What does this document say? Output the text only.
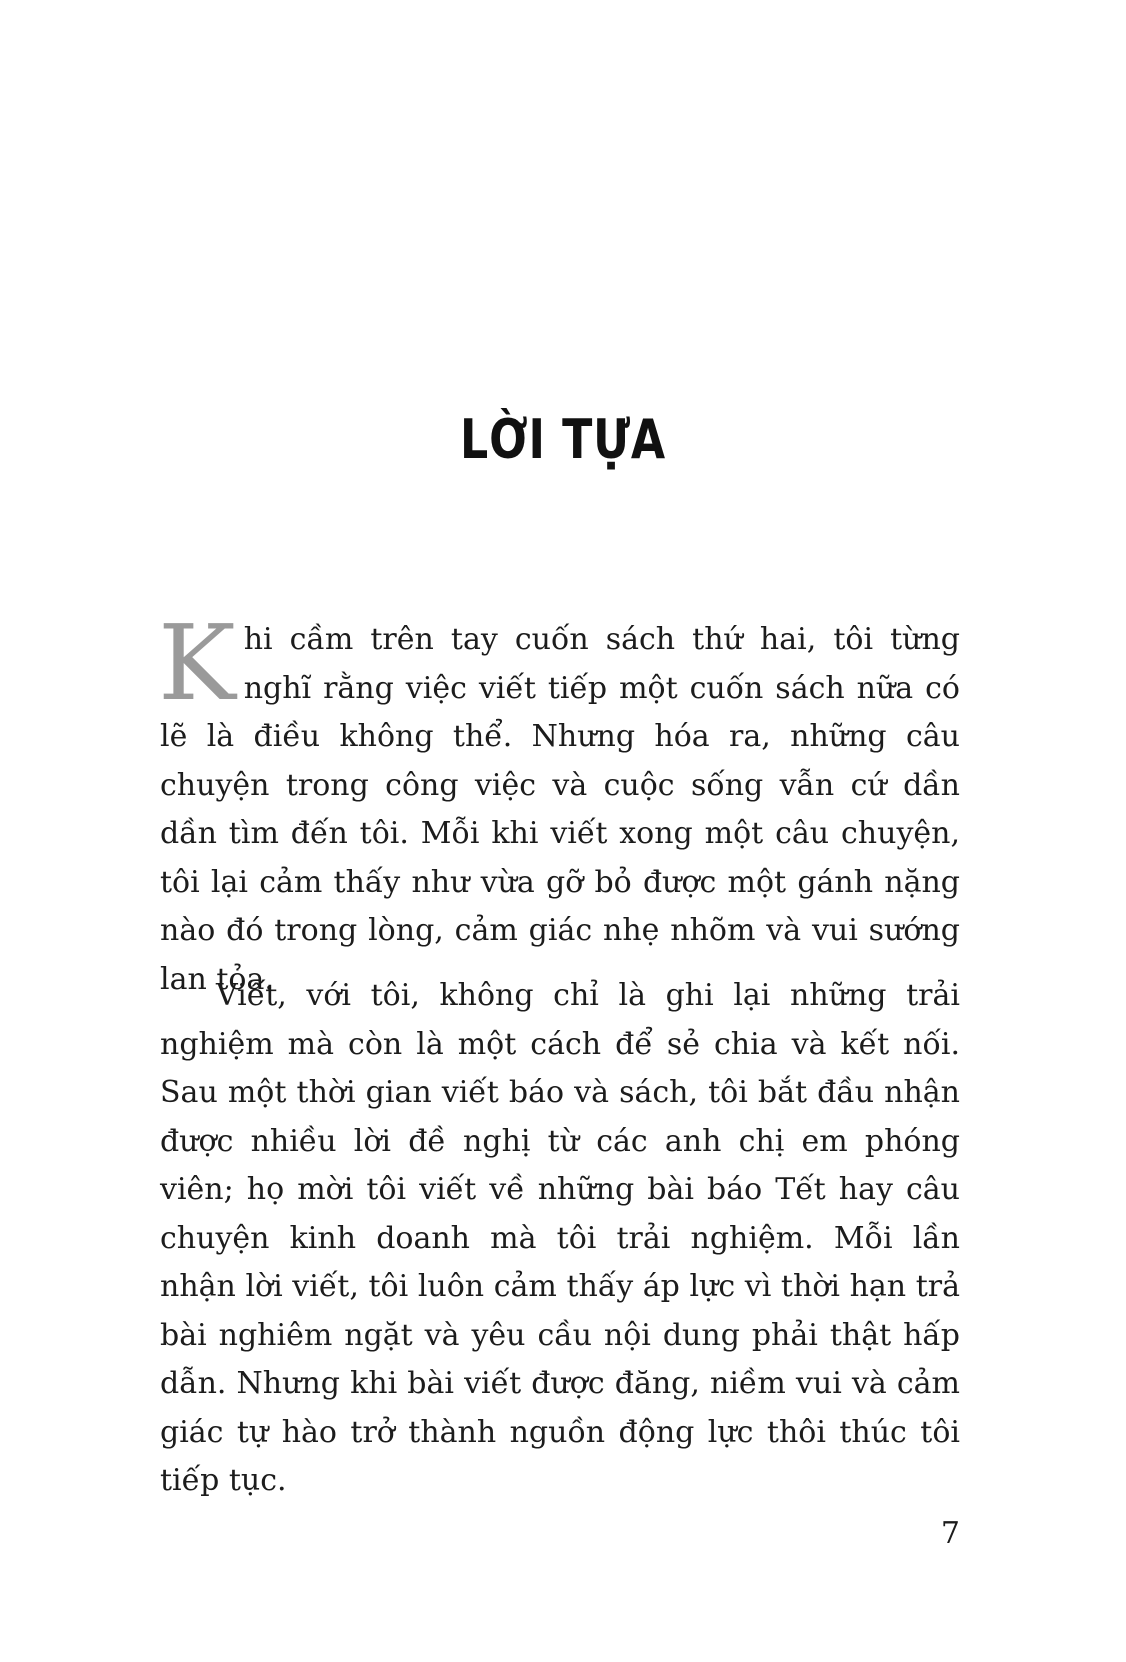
LỜI TỰA

Khi cầm trên tay cuốn sách thứ hai, tôi từng nghĩ rằng việc viết tiếp một cuốn sách nữa có lẽ là điều không thể. Nhưng hóa ra, những câu chuyện trong công việc và cuộc sống vẫn cứ dần dần tìm đến tôi. Mỗi khi viết xong một câu chuyện, tôi lại cảm thấy như vừa gỡ bỏ được một gánh nặng nào đó trong lòng, cảm giác nhẹ nhõm và vui sướng lan tỏa.

Viết, với tôi, không chỉ là ghi lại những trải nghiệm mà còn là một cách để sẻ chia và kết nối. Sau một thời gian viết báo và sách, tôi bắt đầu nhận được nhiều lời đề nghị từ các anh chị em phóng viên; họ mời tôi viết về những bài báo Tết hay câu chuyện kinh doanh mà tôi trải nghiệm. Mỗi lần nhận lời viết, tôi luôn cảm thấy áp lực vì thời hạn trả bài nghiêm ngặt và yêu cầu nội dung phải thật hấp dẫn. Nhưng khi bài viết được đăng, niềm vui và cảm giác tự hào trở thành nguồn động lực thôi thúc tôi tiếp tục.

7
